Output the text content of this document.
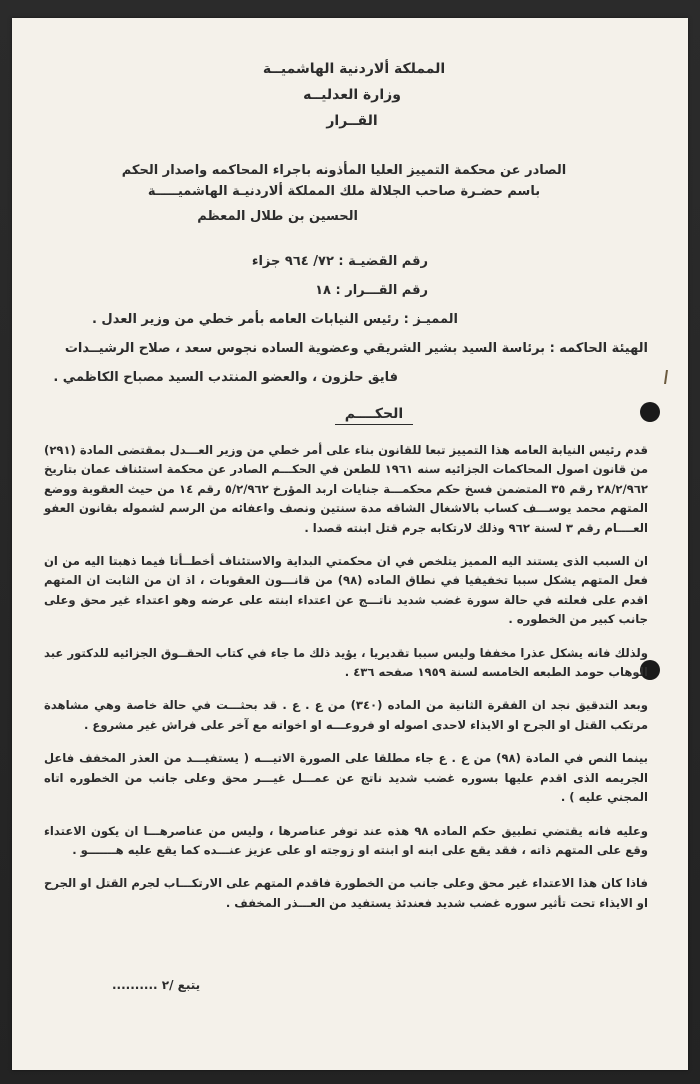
المملكة ألاردنية الهاشميــة
وزارة العدليــه
القــرار
الصادر عن محكمة التمييز العليا المأذونه باجراء المحاكمه واصدار الحكم
باسم حضـرة صاحب الجلالة ملك المملكة ألاردنيـة الهاشميـــــة
الحسين بن طلال المعظم
رقم القضيـة : ٧٢/ ٩٦٤ جزاء
رقم القـــرار : ١٨
المميـز : رئيس النيابات العامه بأمر خطي من وزير العدل .
الهيئة الحاكمه : برئاسة السيد بشير الشريقي وعضوية الساده نجوس سعد ، صلاح الرشيــدات
فايق حلزون ، والعضو المنتدب السيد مصباح الكاظمي .
الحكــــم

قدم رئيس النيابة العامه هذا التمييز تبعا للقانون بناء على أمر خطي من وزير العـــدل بمقتضى المادة (٢٩١) من قانون اصول المحاكمات الجزائيه سنه ١٩٦١ للطعن في الحكـــم الصادر عن محكمة استئناف عمان بتاريخ ٢٨/٢/٩٦٢ رقم ٣٥ المتضمن فسخ حكم محكمـــة جنايات اربد المؤرخ ٥/٢/٩٦٢ رقم ١٤ من حيث العقوبة ووضع المتهم محمد يوســـف كساب بالاشغال الشاقه مدة سنتين ونصف واعفائه من الرسم لشموله بقانون العفو العــــام رقم ٣ لسنة ٩٦٢ وذلك لارتكابه جرم قتل ابنته قصدا .

ان السبب الذى يستند اليه المميز يتلخص في ان محكمتي البداية والاستئناف أخطــأتا فيما ذهبتا اليه من ان فعل المتهم يشكل سببا تخفيفيا في نطاق الماده (٩٨) من قانـــون العقوبات ، اذ ان من الثابت ان المتهم اقدم على فعلته في حالة سورة غضب شديد ناتـــج عن اعتداء ابنته على عرضه وهو اعتداء غير محق وعلى جانب كبير من الخطوره .

ولذلك فانه يشكل عذرا مخففا وليس سببا تقديريا ، يؤيد ذلك ما جاء في كتاب الحقــوق الجزائيه للدكتور عبد الوهاب حومد الطبعه الخامسه لسنة ١٩٥٩ صفحه ٤٣٦ .

وبعد التدقيق نجد ان الفقرة الثانية من الماده (٣٤٠) من ع . ع . قد بحثـــت في حالة خاصة وهي مشاهدة مرتكب القتل او الجرح او الايذاء لاحدى اصوله او فروعـــه او اخواته مع آخر على فراش غير مشروع .

بينما النص في المادة (٩٨) من ع . ع جاء مطلقا على الصورة الاتيـــه ( يستفيـــد من العذر المخفف فاعل الجريمه الذى اقدم عليها بسوره غضب شديد ناتج عن عمـــل غيـــر محق وعلى جانب من الخطوره اتاه المجني عليه ) .

وعليه فانه يقتضي تطبيق حكم الماده ٩٨ هذه عند توفر عناصرها ، وليس من عناصرهـــا ان يكون الاعتداء وقع على المتهم ذاته ، فقد يقع على ابنه او ابنته او زوجته او على عزيز عنـــده كما يقع عليه هـــــــو .

فاذا كان هذا الاعتداء غير محق وعلى جانب من الخطورة فاقدم المتهم على الارتكـــاب لجرم القتل او الجرح او الايذاء تحت تأثير سوره غضب شديد فعندئذ يستفيد من العـــذر المخفف .

يتبع /٢ ..........
